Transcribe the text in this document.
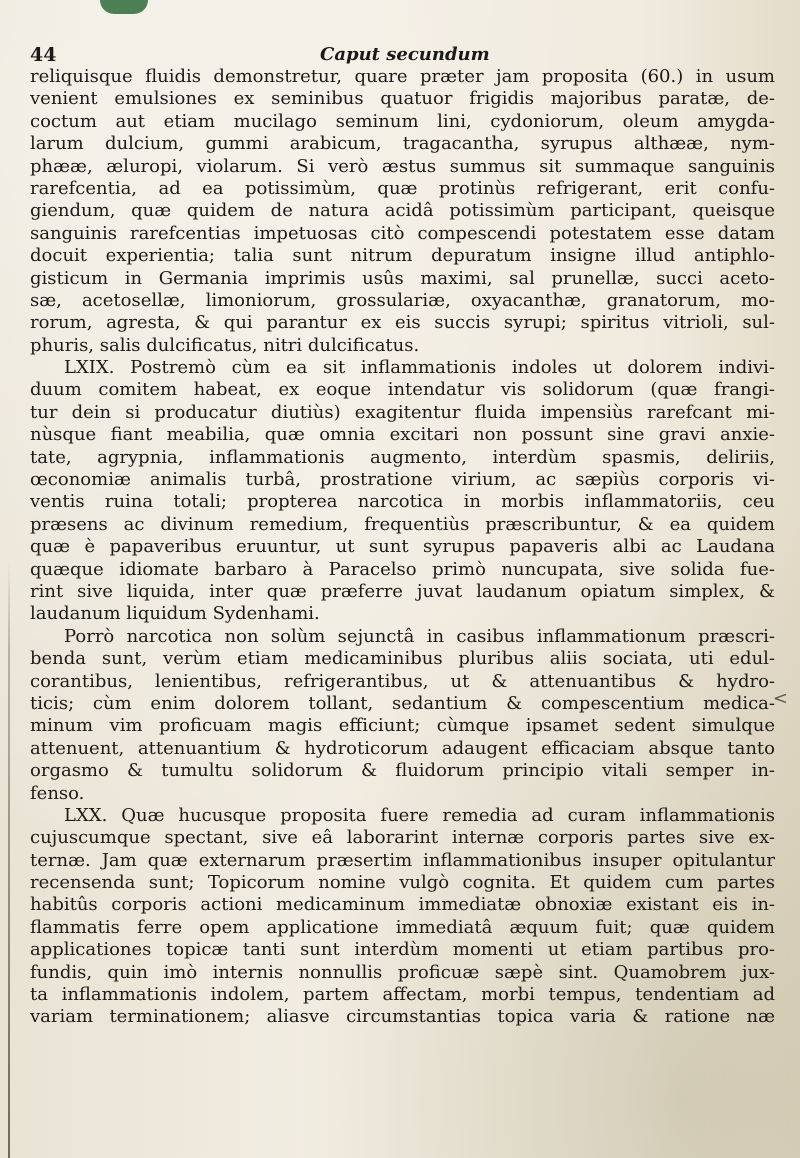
44	Caput secundum
reliquisque fluidis demonstretur, quare præter jam proposita (60.) in usum
venient emulsiones ex seminibus quatuor frigidis majoribus paratæ, de-
coctum aut etiam mucilago seminum lini, cydoniorum, oleum amygda-
larum dulcium, gummi arabicum, tragacantha, syrupus althææ, nym-
phææ, æluropi, violarum. Si verò æstus summus sit summaque sanguinis
rarefcentia, ad ea potissimùm, quæ protinùs refrigerant, erit confu-
giendum, quæ quidem de natura acidâ potissimùm participant, queisque
sanguinis rarefcentias impetuosas citò compescendi potestatem esse datam
docuit experientia; talia sunt nitrum depuratum insigne illud antiphlo-
gisticum in Germania imprimis usûs maximi, sal prunellæ, succi aceto-
sæ, acetosellæ, limoniorum, grossulariæ, oxyacanthæ, granatorum, mo-
rorum, agresta, & qui parantur ex eis succis syrupi; spiritus vitrioli, sul-
phuris, salis dulcificatus, nitri dulcificatus.
LXIX. Postremò cùm ea sit inflammationis indoles ut dolorem indivi-
duum comitem habeat, ex eoque intendatur vis solidorum (quæ frangi-
tur dein si producatur diutiùs) exagitentur fluida impensiùs rarefcant mi-
nùsque fiant meabilia, quæ omnia excitari non possunt sine gravi anxie-
tate, agrypnia, inflammationis augmento, interdùm spasmis, deliriis,
œconomiæ animalis turbâ, prostratione virium, ac sæpiùs corporis vi-
ventis ruina totali; propterea narcotica in morbis inflammatoriis, ceu
præsens ac divinum remedium, frequentiùs præscribuntur, & ea quidem
quæ è papaveribus eruuntur, ut sunt syrupus papaveris albi ac Laudana
quæque idiomate barbaro à Paracelso primò nuncupata, sive solida fue-
rint sive liquida, inter quæ præferre juvat laudanum opiatum simplex, &
laudanum liquidum Sydenhami.
Porrò narcotica non solùm sejunctâ in casibus inflammationum præscri-
benda sunt, verùm etiam medicaminibus pluribus aliis sociata, uti edul-
corantibus, lenientibus, refrigerantibus, ut & attenuantibus & hydro-
ticis; cùm enim dolorem tollant, sedantium & compescentium medica-
minum vim proficuam magis efficiunt; cùmque ipsamet sedent simulque
attenuent, attenuantium & hydroticorum adaugent efficaciam absque tanto
orgasmo & tumultu solidorum & fluidorum principio vitali semper in-
fenso.
LXX. Quæ hucusque proposita fuere remedia ad curam inflammationis
cujuscumque spectant, sive eâ laborarint internæ corporis partes sive ex-
ternæ. Jam quæ externarum præsertim inflammationibus insuper opitulantur
recensenda sunt; Topicorum nomine vulgò cognita. Et quidem cum partes
habitûs corporis actioni medicaminum immediatæ obnoxiæ existant eis in-
flammatis ferre opem applicatione immediatâ æquum fuit; quæ quidem
applicationes topicæ tanti sunt interdùm momenti ut etiam partibus pro-
fundis, quin imò internis nonnullis proficuæ sæpè sint. Quamobrem jux-
ta inflammationis indolem, partem affectam, morbi tempus, tendentiam ad
variam terminationem; aliasve circumstantias topica varia & ratione næ
<
